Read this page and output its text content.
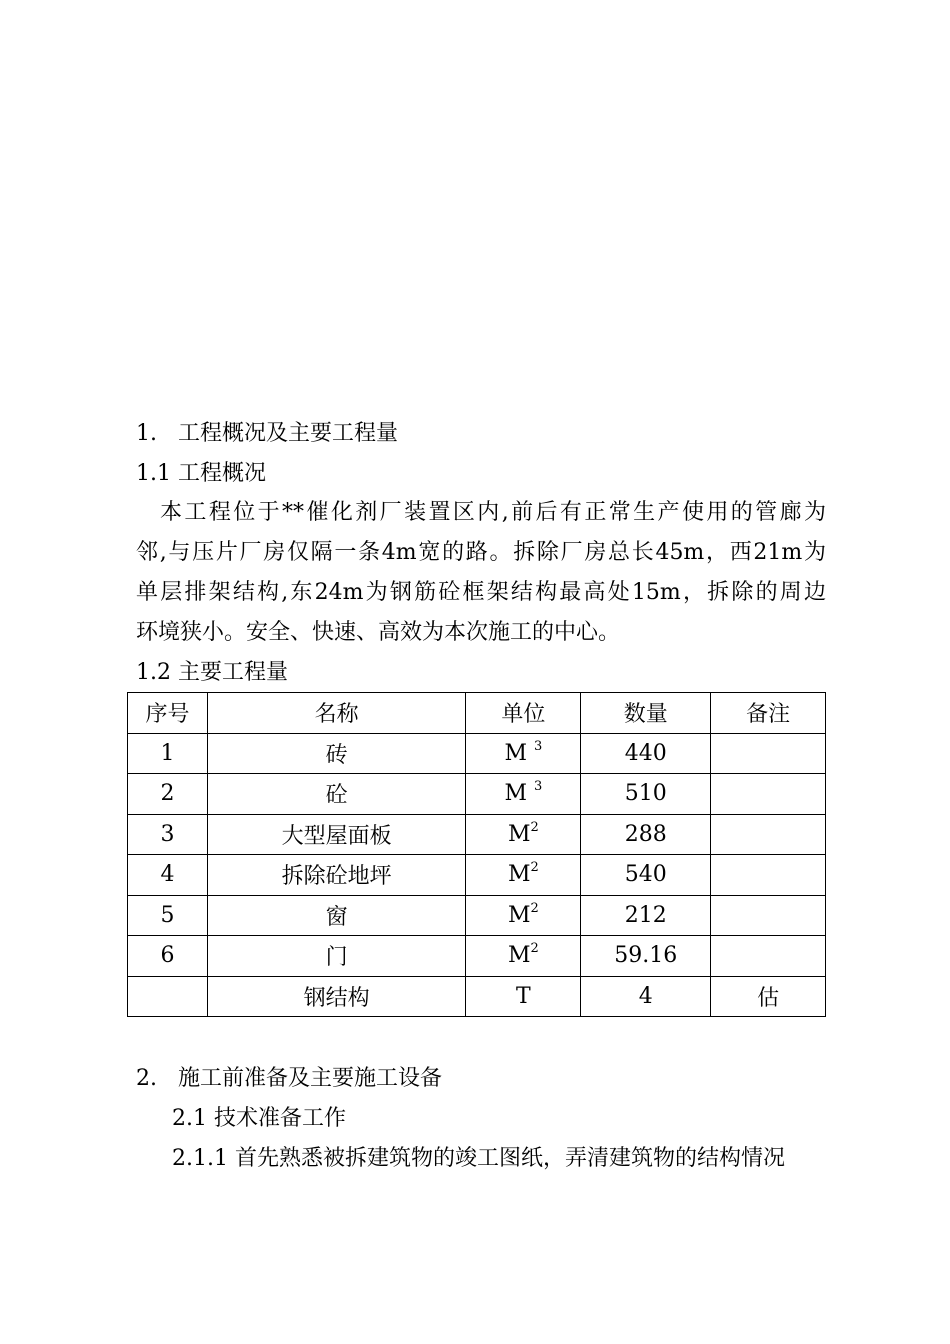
1. 工程概况及主要工程量
1.1 工程概况
本工程位于**催化剂厂装置区内,前后有正常生产使用的管廊为
邻,与压片厂房仅隔一条4m宽的路。拆除厂房总长45m，西21m为
单层排架结构,东24m为钢筋砼框架结构最高处15m，拆除的周边
环境狭小。安全、快速、高效为本次施工的中心。
1.2 主要工程量
序号	名称	单位	数量	备注
1	砖	M $^3$	440	
2	砼	M $^3$	510	
3	大型屋面板	$M^2$	288	
4	拆除砼地坪	$M^2$	540	
5	窗	$M^2$	212	
6	门	$M^2$	59.16	
	钢结构	T	4	估
2. 施工前准备及主要施工设备
2.1 技术准备工作
2.1.1 首先熟悉被拆建筑物的竣工图纸，弄清建筑物的结构情况
